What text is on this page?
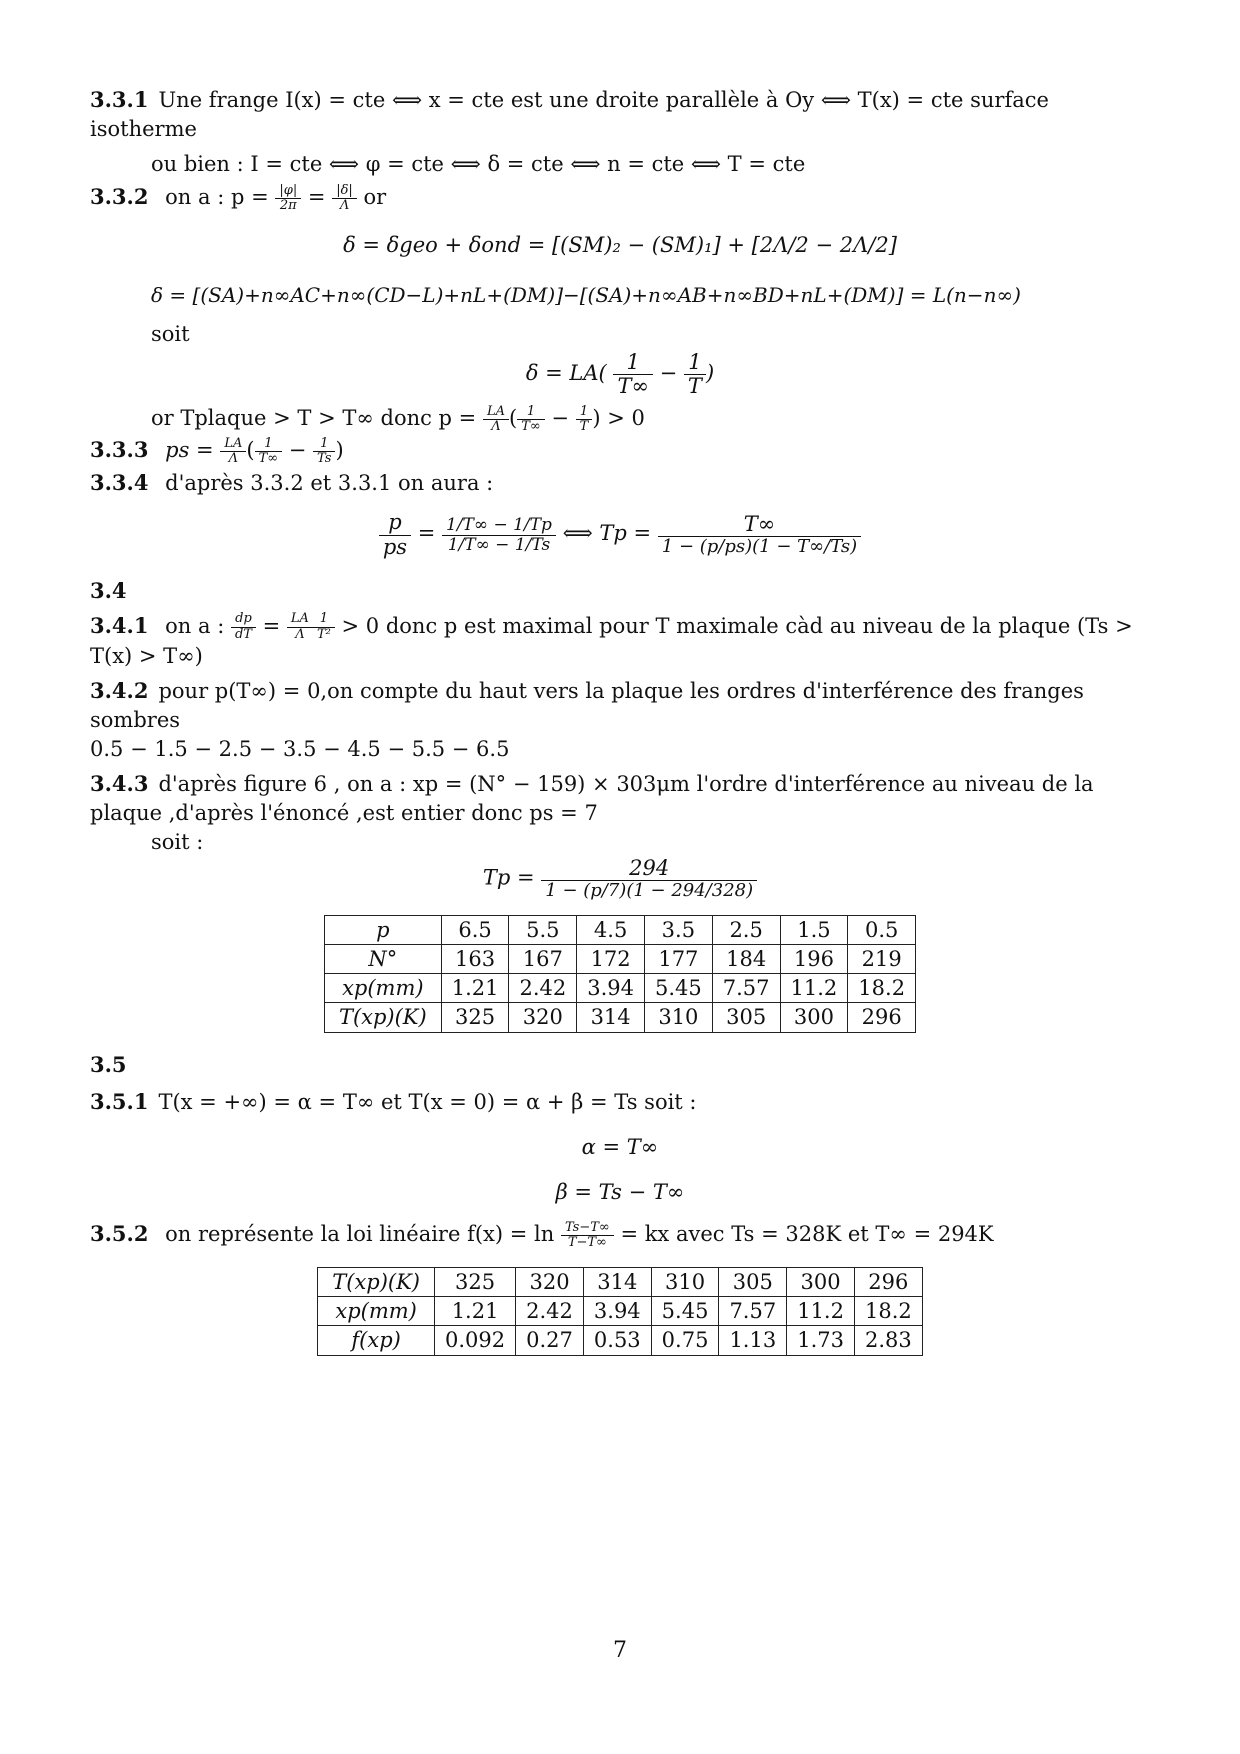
3.3.1 Une frange I(x) = cte ⟺ x = cte est une droite parallèle à Oy ⟺ T(x) = cte surface isotherme
ou bien : I = cte ⟺ φ = cte ⟺ δ = cte ⟺ n = cte ⟺ T = cte
3.3.2 on a : $p = \frac{|\varphi|}{2\pi} = \frac{|\delta|}{\Lambda}$ or
δ = δgeo + δond = [(SM)₂ − (SM)₁] + [2Λ/2 − 2Λ/2]
δ = [(SA)+n∞AC+n∞(CD−L)+nL+(DM)]−[(SA)+n∞AB+n∞BD+nL+(DM)] = L(n−n∞)
soit
$\delta = LA( \frac{1}{T\infty} - \frac{1}{T}$ )
or Tplaque > T > T∞ donc $p = \frac{LA}{\Lambda}$ ( $\frac{1}{T\infty} - \frac{1}{T}$ ) > 0
3.3.3 ps = $\frac{LA}{\Lambda}$ ( $\frac{1}{T\infty} - \frac{1}{Ts}$ )
3.3.4 d'après 3.3.2 et 3.3.1 on aura :
$\frac{p}{ps} = \frac{1/T\infty - 1/Tp}{1/T\infty - 1/Ts}$ ⟺ $Tp = \frac{T\infty}{1 - (p/ps)(1 - T\infty/Ts)}$
3.4
3.4.1 on a : $\frac{dp}{dT} = \frac{LA}{\Lambda} \frac{1}{\text{T²}} > 0$ donc p est maximal pour T maximale càd au niveau de la plaque (Ts > T(x) > T∞)
3.4.2 pour p(T∞) = 0,on compte du haut vers la plaque les ordres d'interférence des franges sombres
0.5 − 1.5 − 2.5 − 3.5 − 4.5 − 5.5 − 6.5
3.4.3 d'après figure 6 , on a : xp = (N° − 159) × 303μm l'ordre d'interférence au niveau de la plaque ,d'après l'énoncé ,est entier donc ps = 7
soit :
$Tp = \frac{294}{1 - (p/7)(1 - 294/328)}$
p	6.5	5.5	4.5	3.5	2.5	1.5	0.5
N°	163	167	172	177	184	196	219
xp(mm)	1.21	2.42	3.94	5.45	7.57	11.2	18.2
T(xp)(K)	325	320	314	310	305	300	296
3.5
3.5.1 T(x = +∞) = α = T∞ et T(x = 0) = α + β = Ts soit :
α = T∞
β = Ts − T∞
3.5.2 on représente la loi linéaire $f(x) = \ln \frac{Ts-T\infty}{T-T\infty}$ = kx avec Ts = 328K et T∞ = 294K
T(xp)(K)	325	320	314	310	305	300	296
xp(mm)	1.21	2.42	3.94	5.45	7.57	11.2	18.2
f(xp)	0.092	0.27	0.53	0.75	1.13	1.73	2.83
7
